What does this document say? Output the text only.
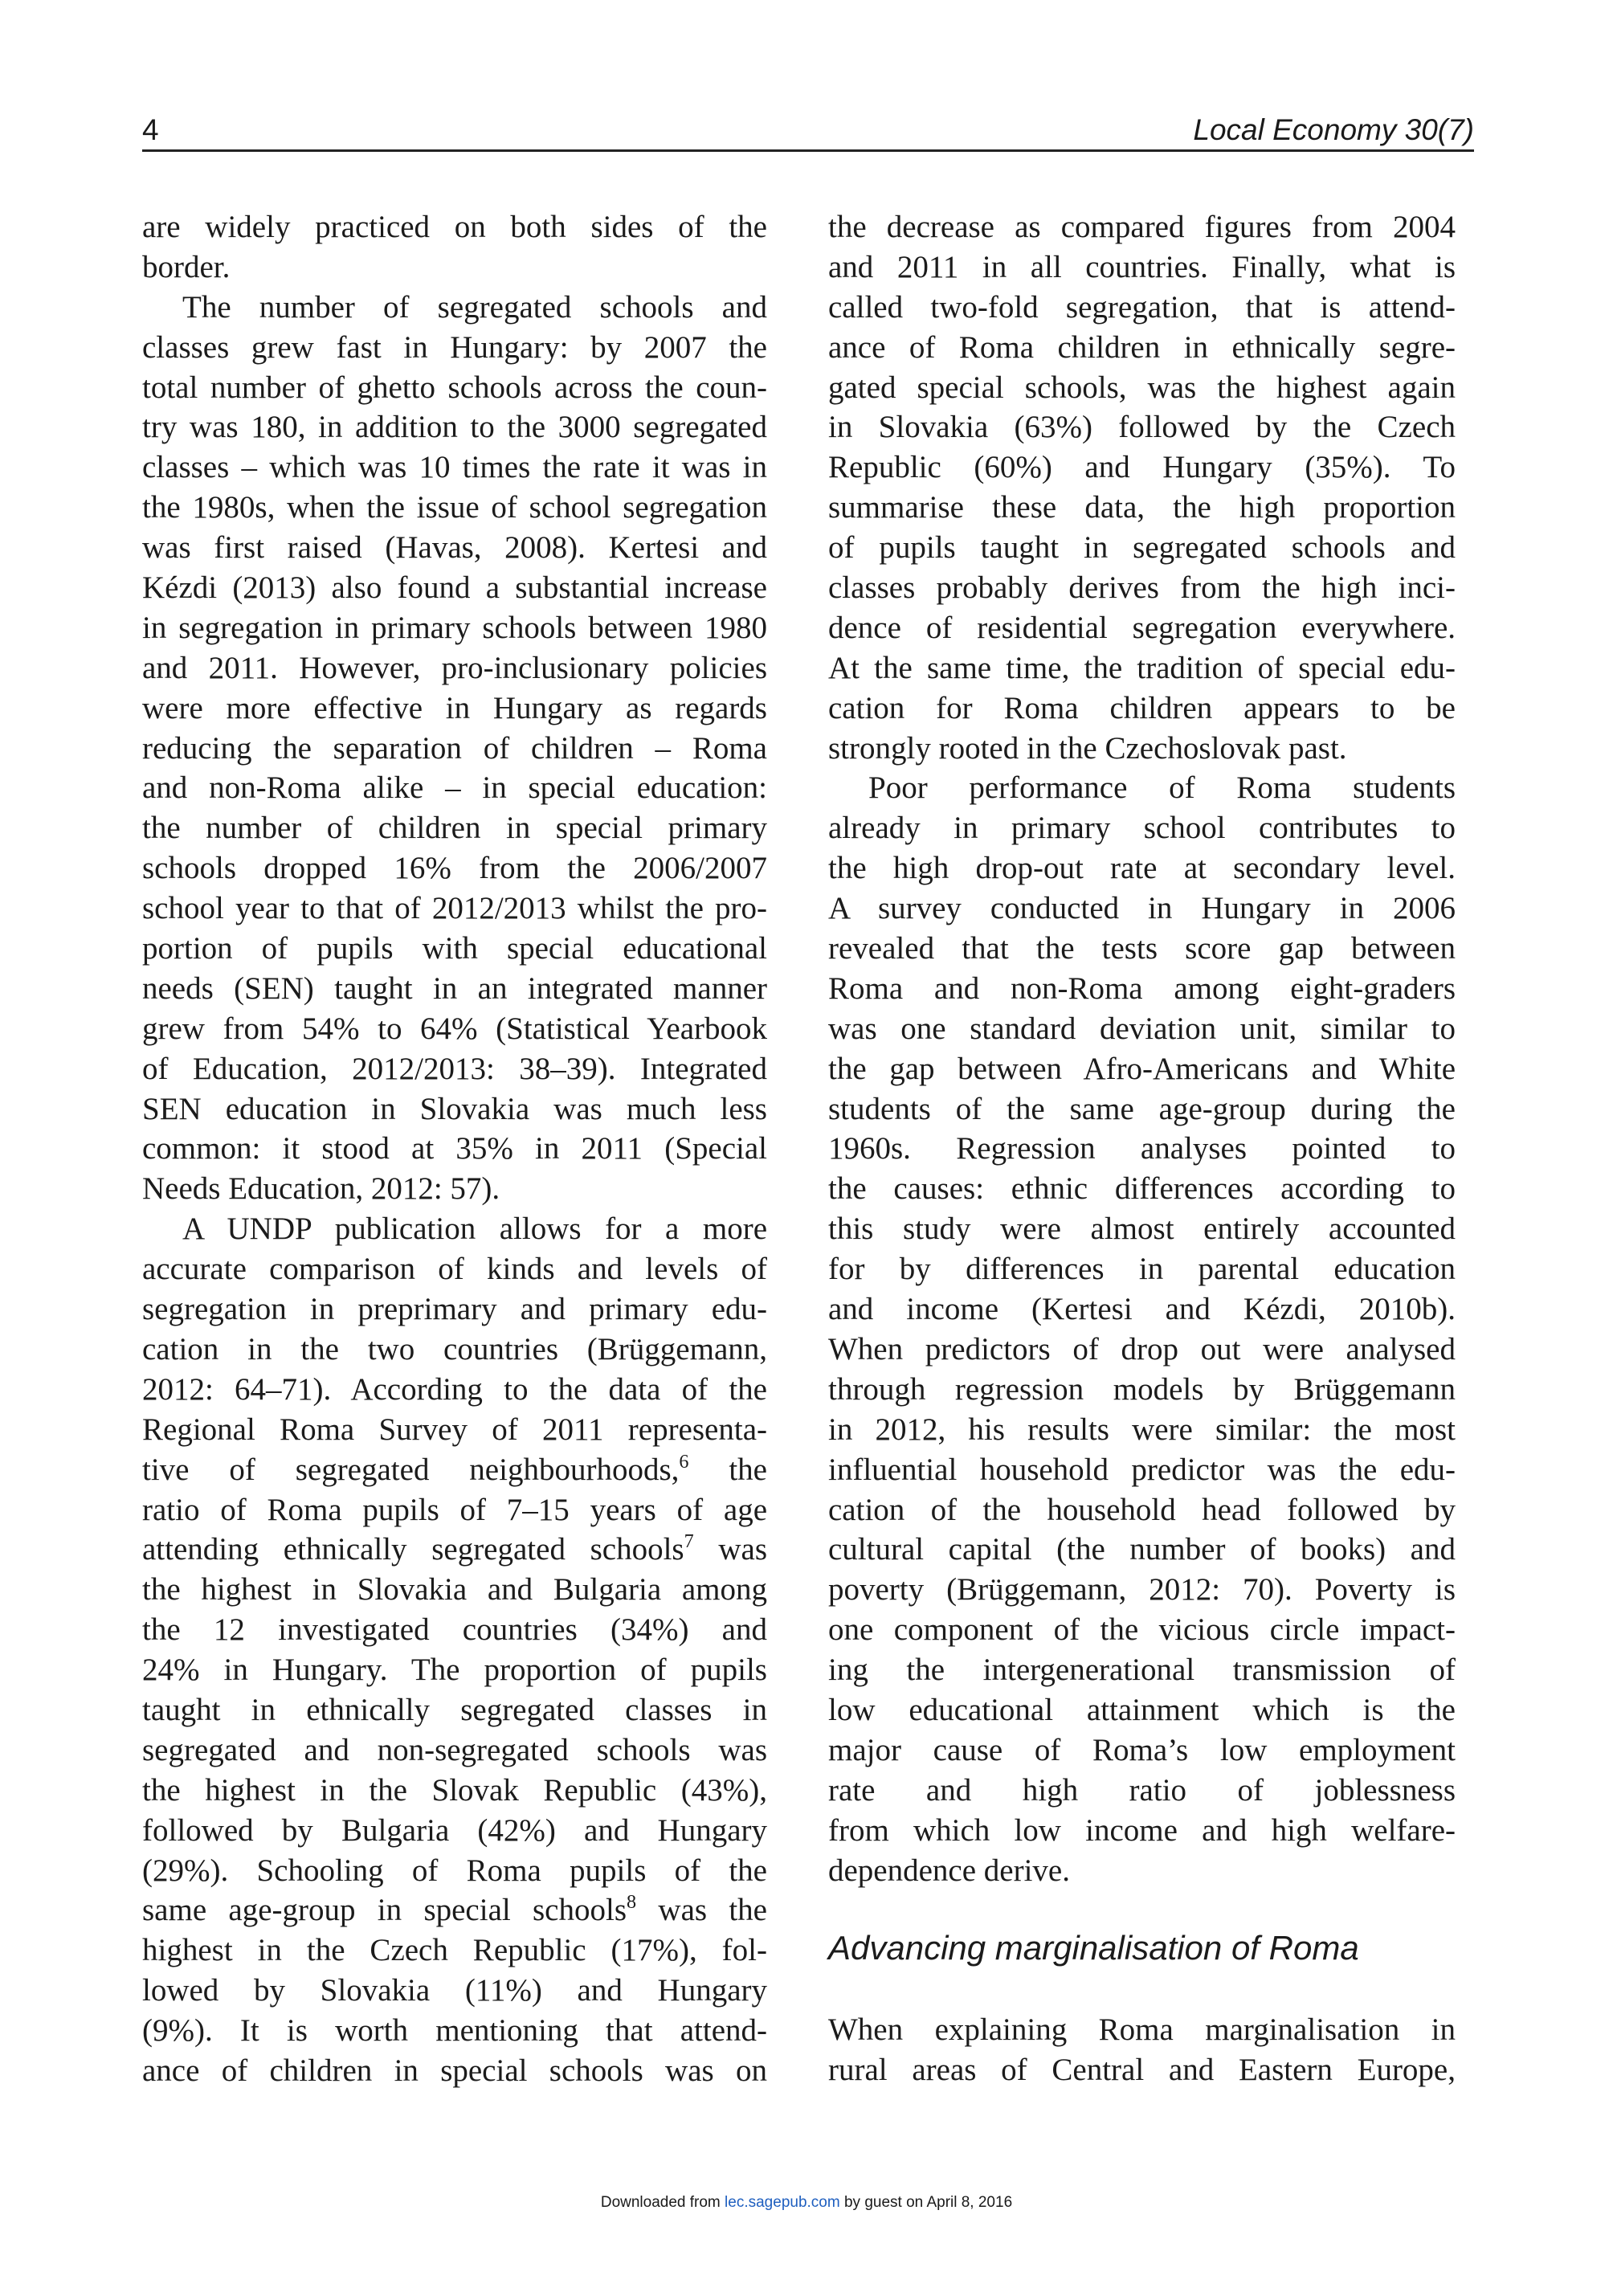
4	Local Economy 30(7)
are widely practiced on both sides of the
border.
The number of segregated schools and
classes grew fast in Hungary: by 2007 the
total number of ghetto schools across the coun-
try was 180, in addition to the 3000 segregated
classes – which was 10 times the rate it was in
the 1980s, when the issue of school segregation
was first raised (Havas, 2008). Kertesi and
Kézdi (2013) also found a substantial increase
in segregation in primary schools between 1980
and 2011. However, pro-inclusionary policies
were more effective in Hungary as regards
reducing the separation of children – Roma
and non-Roma alike – in special education:
the number of children in special primary
schools dropped 16% from the 2006/2007
school year to that of 2012/2013 whilst the pro-
portion of pupils with special educational
needs (SEN) taught in an integrated manner
grew from 54% to 64% (Statistical Yearbook
of Education, 2012/2013: 38–39). Integrated
SEN education in Slovakia was much less
common: it stood at 35% in 2011 (Special
Needs Education, 2012: 57).
A UNDP publication allows for a more
accurate comparison of kinds and levels of
segregation in preprimary and primary edu-
cation in the two countries (Brüggemann,
2012: 64–71). According to the data of the
Regional Roma Survey of 2011 representa-
tive of segregated neighbourhoods,$^6$ the
ratio of Roma pupils of 7–15 years of age
attending ethnically segregated schools$^7$ was
the highest in Slovakia and Bulgaria among
the 12 investigated countries (34%) and
24% in Hungary. The proportion of pupils
taught in ethnically segregated classes in
segregated and non-segregated schools was
the highest in the Slovak Republic (43%),
followed by Bulgaria (42%) and Hungary
(29%). Schooling of Roma pupils of the
same age-group in special schools$^8$ was the
highest in the Czech Republic (17%), fol-
lowed by Slovakia (11%) and Hungary
(9%). It is worth mentioning that attend-
ance of children in special schools was on
the decrease as compared figures from 2004
and 2011 in all countries. Finally, what is
called two-fold segregation, that is attend-
ance of Roma children in ethnically segre-
gated special schools, was the highest again
in Slovakia (63%) followed by the Czech
Republic (60%) and Hungary (35%). To
summarise these data, the high proportion
of pupils taught in segregated schools and
classes probably derives from the high inci-
dence of residential segregation everywhere.
At the same time, the tradition of special edu-
cation for Roma children appears to be
strongly rooted in the Czechoslovak past.
Poor performance of Roma students
already in primary school contributes to
the high drop-out rate at secondary level.
A survey conducted in Hungary in 2006
revealed that the tests score gap between
Roma and non-Roma among eight-graders
was one standard deviation unit, similar to
the gap between Afro-Americans and White
students of the same age-group during the
1960s. Regression analyses pointed to
the causes: ethnic differences according to
this study were almost entirely accounted
for by differences in parental education
and income (Kertesi and Kézdi, 2010b).
When predictors of drop out were analysed
through regression models by Brüggemann
in 2012, his results were similar: the most
influential household predictor was the edu-
cation of the household head followed by
cultural capital (the number of books) and
poverty (Brüggemann, 2012: 70). Poverty is
one component of the vicious circle impact-
ing the intergenerational transmission of
low educational attainment which is the
major cause of Roma’s low employment
rate and high ratio of joblessness
from which low income and high welfare-
dependence derive.
Advancing marginalisation of Roma
When explaining Roma marginalisation in
rural areas of Central and Eastern Europe,
Downloaded from lec.sagepub.com by guest on April 8, 2016
